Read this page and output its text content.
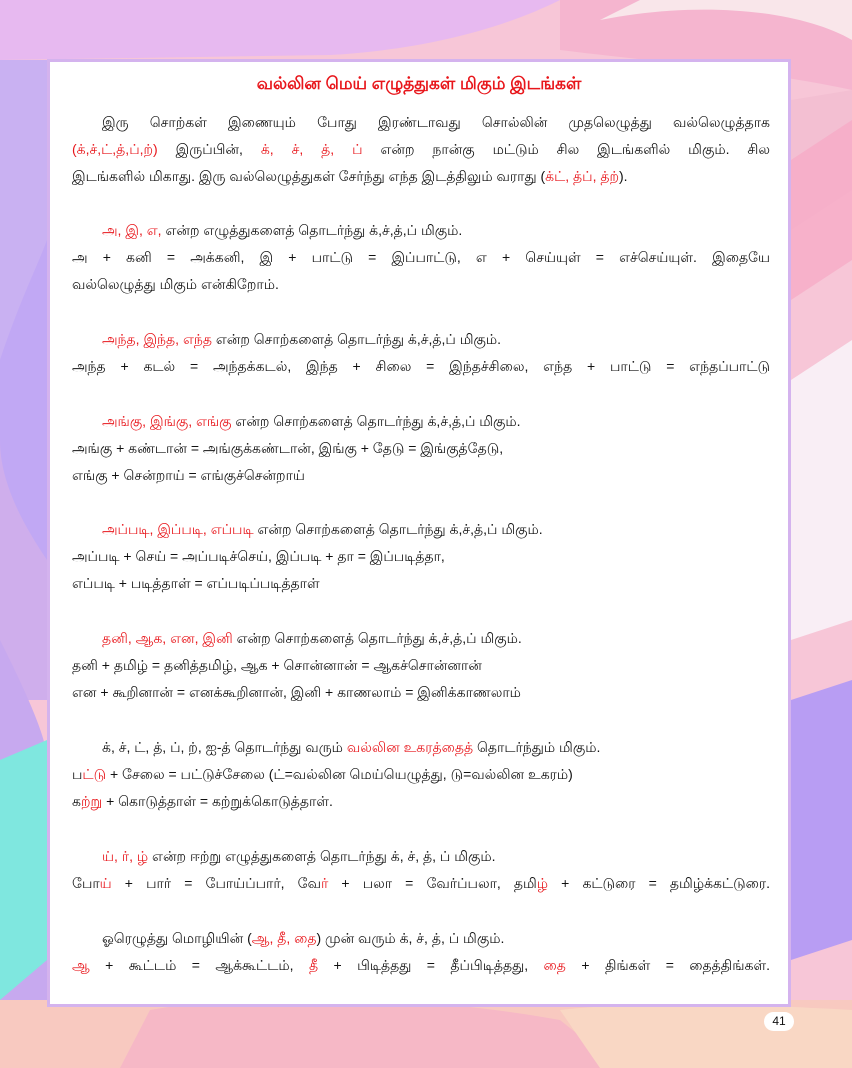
வல்லின மெய் எழுத்துகள் மிகும் இடங்கள்
இரு சொற்கள் இணையும் போது இரண்டாவது சொல்லின் முதலெழுத்து வல்லெழுத்தாக
(க்,ச்,ட்,த்,ப்,ற்) இருப்பின், க், ச், த், ப் என்ற நான்கு மட்டும் சில இடங்களில் மிகும். சில
இடங்களில் மிகாது. இரு வல்லெழுத்துகள் சேர்ந்து எந்த இடத்திலும் வராது (க்ட், த்ப், த்ற்).
அ, இ, எ, என்ற எழுத்துகளைத் தொடர்ந்து க்,ச்,த்,ப் மிகும்.
அ + கனி = அக்கனி, இ + பாட்டு = இப்பாட்டு, எ + செய்யுள் = எச்செய்யுள். இதையே
வல்லெழுத்து மிகும் என்கிறோம்.
அந்த, இந்த, எந்த என்ற சொற்களைத் தொடர்ந்து க்,ச்,த்,ப் மிகும்.
அந்த + கடல் = அந்தக்கடல், இந்த + சிலை = இந்தச்சிலை, எந்த + பாட்டு = எந்தப்பாட்டு
அங்கு, இங்கு, எங்கு என்ற சொற்களைத் தொடர்ந்து க்,ச்,த்,ப் மிகும்.
அங்கு + கண்டான் = அங்குக்கண்டான், இங்கு + தேடு = இங்குத்தேடு,
எங்கு + சென்றாய் = எங்குச்சென்றாய்
அப்படி, இப்படி, எப்படி என்ற சொற்களைத் தொடர்ந்து க்,ச்,த்,ப் மிகும்.
அப்படி + செய் = அப்படிச்செய், இப்படி + தா = இப்படித்தா,
எப்படி + படித்தாள் = எப்படிப்படித்தாள்
தனி, ஆக, என, இனி என்ற சொற்களைத் தொடர்ந்து க்,ச்,த்,ப் மிகும்.
தனி + தமிழ் = தனித்தமிழ், ஆக + சொன்னான் = ஆகச்சொன்னான்
என + கூறினான் = எனக்கூறினான், இனி + காணலாம் = இனிக்காணலாம்
க், ச், ட், த், ப், ற், ஐ-த் தொடர்ந்து வரும் வல்லின உகரத்தைத் தொடர்ந்தும் மிகும்.
பட்டு + சேலை = பட்டுச்சேலை (ட்=வல்லின மெய்யெழுத்து, டு=வல்லின உகரம்)
கற்று + கொடுத்தாள் = கற்றுக்கொடுத்தாள்.
ய், ர், ழ் என்ற ஈற்று எழுத்துகளைத் தொடர்ந்து க், ச், த், ப் மிகும்.
போய் + பார் = போய்ப்பார், வேர் + பலா = வேர்ப்பலா, தமிழ் + கட்டுரை = தமிழ்க்கட்டுரை.
ஓரெழுத்து மொழியின் (ஆ, தீ, தை) முன் வரும் க், ச், த், ப் மிகும்.
ஆ + கூட்டம் = ஆக்கூட்டம், தீ + பிடித்தது = தீப்பிடித்தது, தை + திங்கள் = தைத்திங்கள்.
41
